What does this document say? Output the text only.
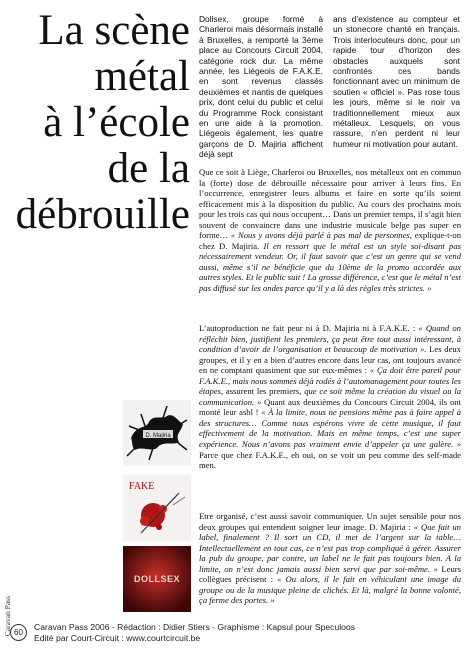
La scène
métal
à l’école
de la
débrouille
Dollsex, groupe formé à Charleroi mais désormais installé à Bruxelles, a remporté la 3ème place au Concours Circuit 2004, catégorie rock dur. La même année, les Liégeois de F.A.K.E. en sont revenus classés deuxièmes et nantis de quelques prix, dont celui du public et celui du Programme Rock consistant en une aide à la promotion. Liégeois également, les quatre garçons de D. Majiria affichent déjà sept
ans d’existence au compteur et un stonecore chanté en français. Trois interlocuteurs donc, pour un rapide tour d’horizon des obstacles auxquels sont confrontés ces bands fonctionnant avec un minimum de soutien « officiel ». Pas rose tous les jours, même si le noir va traditionnellement mieux aux métalleux. Lesquels, on vous rassure, n’en perdent ni leur humeur ni motivation pour autant.

Que ce soit à Liège, Charleroi ou Bruxelles, nos métalleux ont en commun la (forte) dose de débrouille nécessaire pour arriver à leurs fins. En l’occurrence, enregistrer leurs albums et faire en sorte qu’ils soient efficacement mis à la disposition du public. Au cours des prochains mois pour les trois cas qui nous occupent… Dans un premier temps, il s’agit bien souvent de convaincre dans une industrie musicale belge pas super en forme… « Nous y avons déjà parlé à pas mal de personnes, explique-t-on chez D. Majiria. Il en ressort que le métal est un style soi-disant pas nécessairement vendeur. Or, il faut savoir que c’est un genre qui se vend aussi, même s’il ne bénéficie que du 10ème de la promo accordée aux autres styles. Et le public suit ! La grosse différence, c’est que le métal n’est pas diffusé sur les ondes parce qu’il y a là des règles très strictes. »

L’autoproduction ne fait peur ni à D. Majiria ni à F.A.K.E. : « Quand on réfléchit bien, justifient les premiers, ça peut être tout aussi intéressant, à condition d’avoir de l’organisation et beaucoup de motivation ». Les deux groupes, et il y en a bien d’autres encore dans leur cas, ont toujours avancé en ne comptant quasiment que sur eux-mêmes : « Ça doit être pareil pour F.A.K.E., mais nous sommes déjà rodés à l’automanagement pour toutes les étapes, assurent les premiers, que ce soit même la création du visuel ou la communication. » Quant aux deuxièmes du Concours Circuit 2004, ils ont monté leur asbl ! « À la limite, nous ne pensions même pas à faire appel à des structures… Comme nous espérons vivre de cette musique, il faut effectivement de la motivation. Mais en même temps, c’est une super expérience. Nous n’avons pas vraiment envie d’appeler ça une galère. » Parce que chez F.A.K.E., eh oui, on se voit un peu comme des self-made men.

Etre organisé, c’est aussi savoir communiquer. Un sujet sensible pour nos deux groupes qui entendent soigner leur image. D. Majiria : « Que fait un label, finalement ? Il sort un CD, il met de l’argent sur la table… Intellectuellement en tout cas, ce n’est pas trop compliqué à gérer. Assurer la pub du groupe, par contre, un label ne le fait pas toujours bien. A la limite, on n’est donc jamais aussi bien servi que par soi-même. » Leurs collègues précisent : « Ou alors, il le fait en véhiculant une image du groupe ou de la musique pleine de clichés. Et là, malgré la bonne volonté, ça ferme des portes. »

D. Majiria
FAKE
DOLLSEX
Caravan Pass 60
Caravan Pass 2006 - Rédaction : Didier Stiers - Graphisme : Kapsul pour Speculoos
Edité par Court-Circuit : www.courtcircuit.be
